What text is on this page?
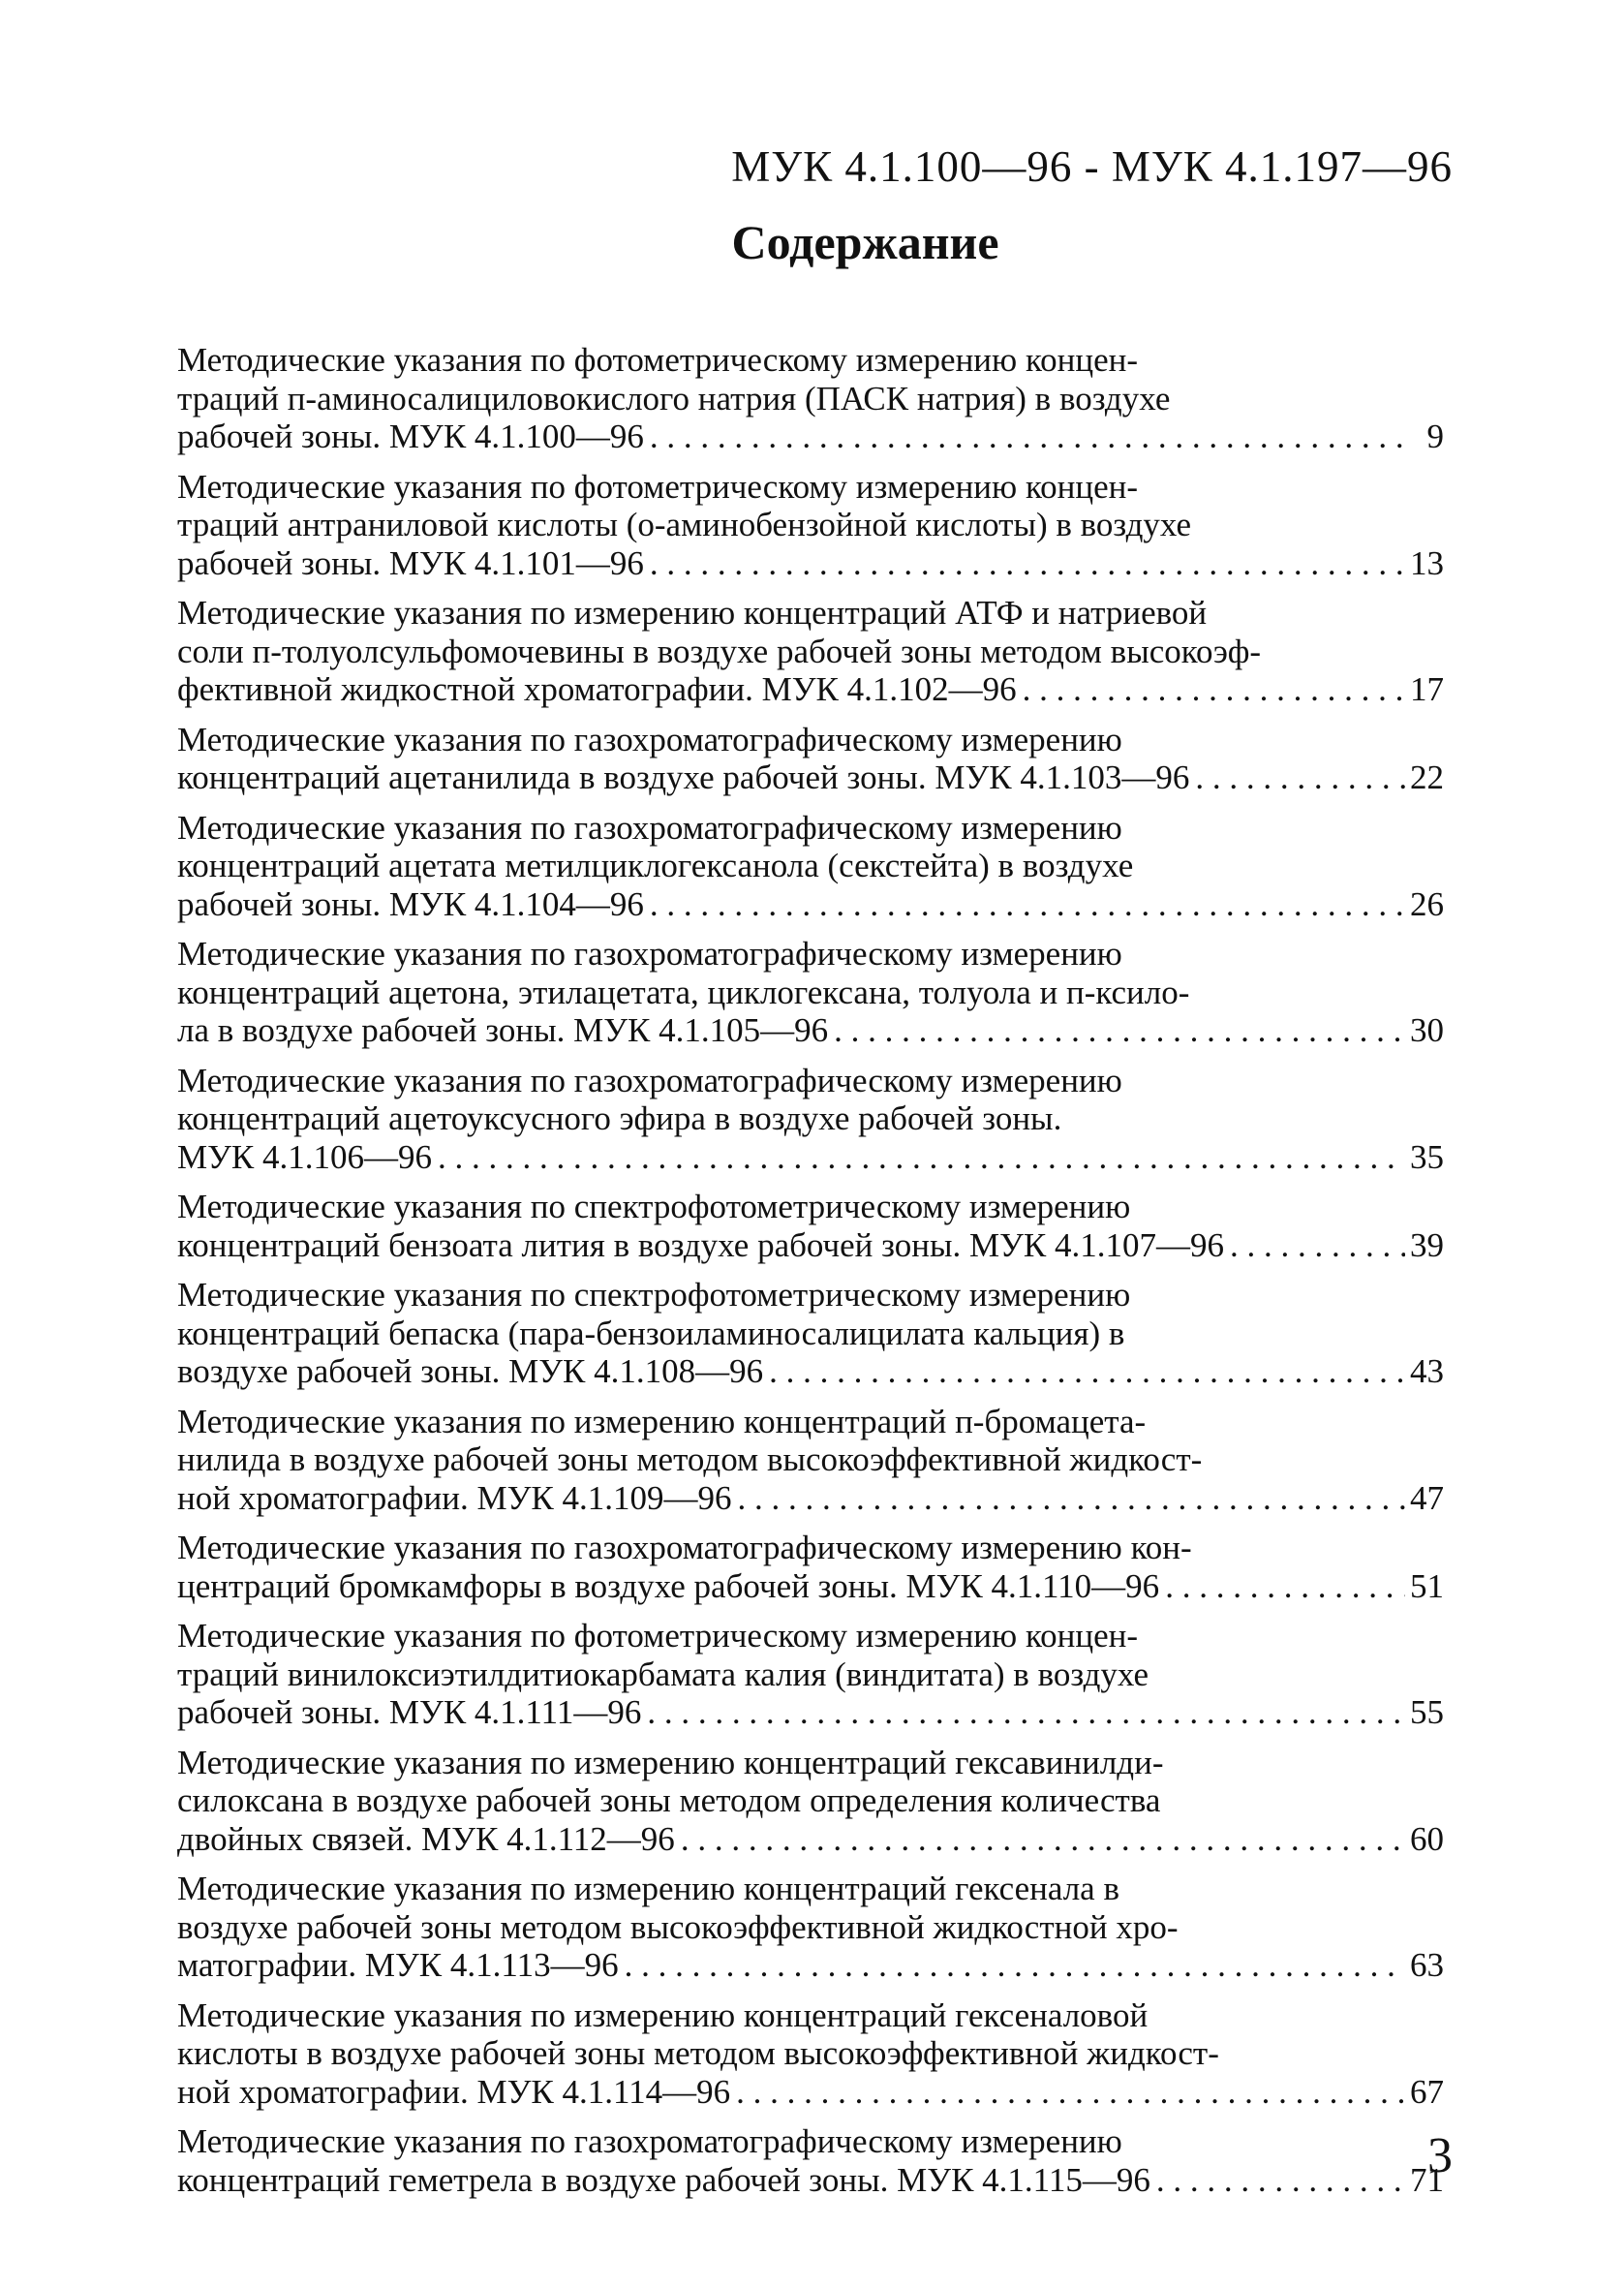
МУК 4.1.100—96 - МУК 4.1.197—96
Содержание
Методические указания по фотометрическому измерению концен-
траций п-аминосалициловокислого натрия (ПАСК натрия) в воздухе
рабочей зоны. МУК 4.1.100—96 . . .	9
Методические указания по фотометрическому измерению концен-
траций антраниловой кислоты (о-аминобензойной кислоты) в воздухе
рабочей зоны. МУК 4.1.101—96 . . .	13
Методические указания по измерению концентраций АТФ и натриевой
соли п-толуолсульфомочевины в воздухе рабочей зоны методом высокоэф-
фективной жидкостной хроматографии. МУК 4.1.102—96 . . .	17
Методические указания по газохроматографическому измерению
концентраций ацетанилида в воздухе рабочей зоны. МУК 4.1.103—96 . . .	22
Методические указания по газохроматографическому измерению
концентраций ацетата метилциклогексанола (секстейта) в воздухе
рабочей зоны. МУК 4.1.104—96 . . .	26
Методические указания по газохроматографическому измерению
концентраций ацетона, этилацетата, циклогексана, толуола и п-ксило-
ла в воздухе рабочей зоны. МУК 4.1.105—96 . . .	30
Методические указания по газохроматографическому измерению
концентраций ацетоуксусного эфира в воздухе рабочей зоны.
МУК 4.1.106—96 . . .	35
Методические указания по спектрофотометрическому измерению
концентраций бензоата лития в воздухе рабочей зоны. МУК 4.1.107—96 . . .	39
Методические указания по спектрофотометрическому измерению
концентраций бепаска (пара-бензоиламиносалицилата кальция) в
воздухе рабочей зоны. МУК 4.1.108—96 . . .	43
Методические указания по измерению концентраций п-бромацета-
нилида в воздухе рабочей зоны методом высокоэффективной жидкост-
ной хроматографии. МУК 4.1.109—96 . . .	47
Методические указания по газохроматографическому измерению кон-
центраций бромкамфоры в воздухе рабочей зоны. МУК 4.1.110—96 . . .	51
Методические указания по фотометрическому измерению концен-
траций винилоксиэтилдитиокарбамата калия (виндитата) в воздухе
рабочей зоны. МУК 4.1.111—96 . . .	55
Методические указания по измерению концентраций гексавинилди-
силоксана в воздухе рабочей зоны методом определения количества
двойных связей. МУК 4.1.112—96 . . .	60
Методические указания по измерению концентраций гексенала в
воздухе рабочей зоны методом высокоэффективной жидкостной хро-
матографии. МУК 4.1.113—96 . . .	63
Методические указания по измерению концентраций гексеналовой
кислоты в воздухе рабочей зоны методом высокоэффективной жидкост-
ной хроматографии. МУК 4.1.114—96 . . .	67
Методические указания по газохроматографическому измерению
концентраций геметрела в воздухе рабочей зоны. МУК 4.1.115—96 . . .	71
3
